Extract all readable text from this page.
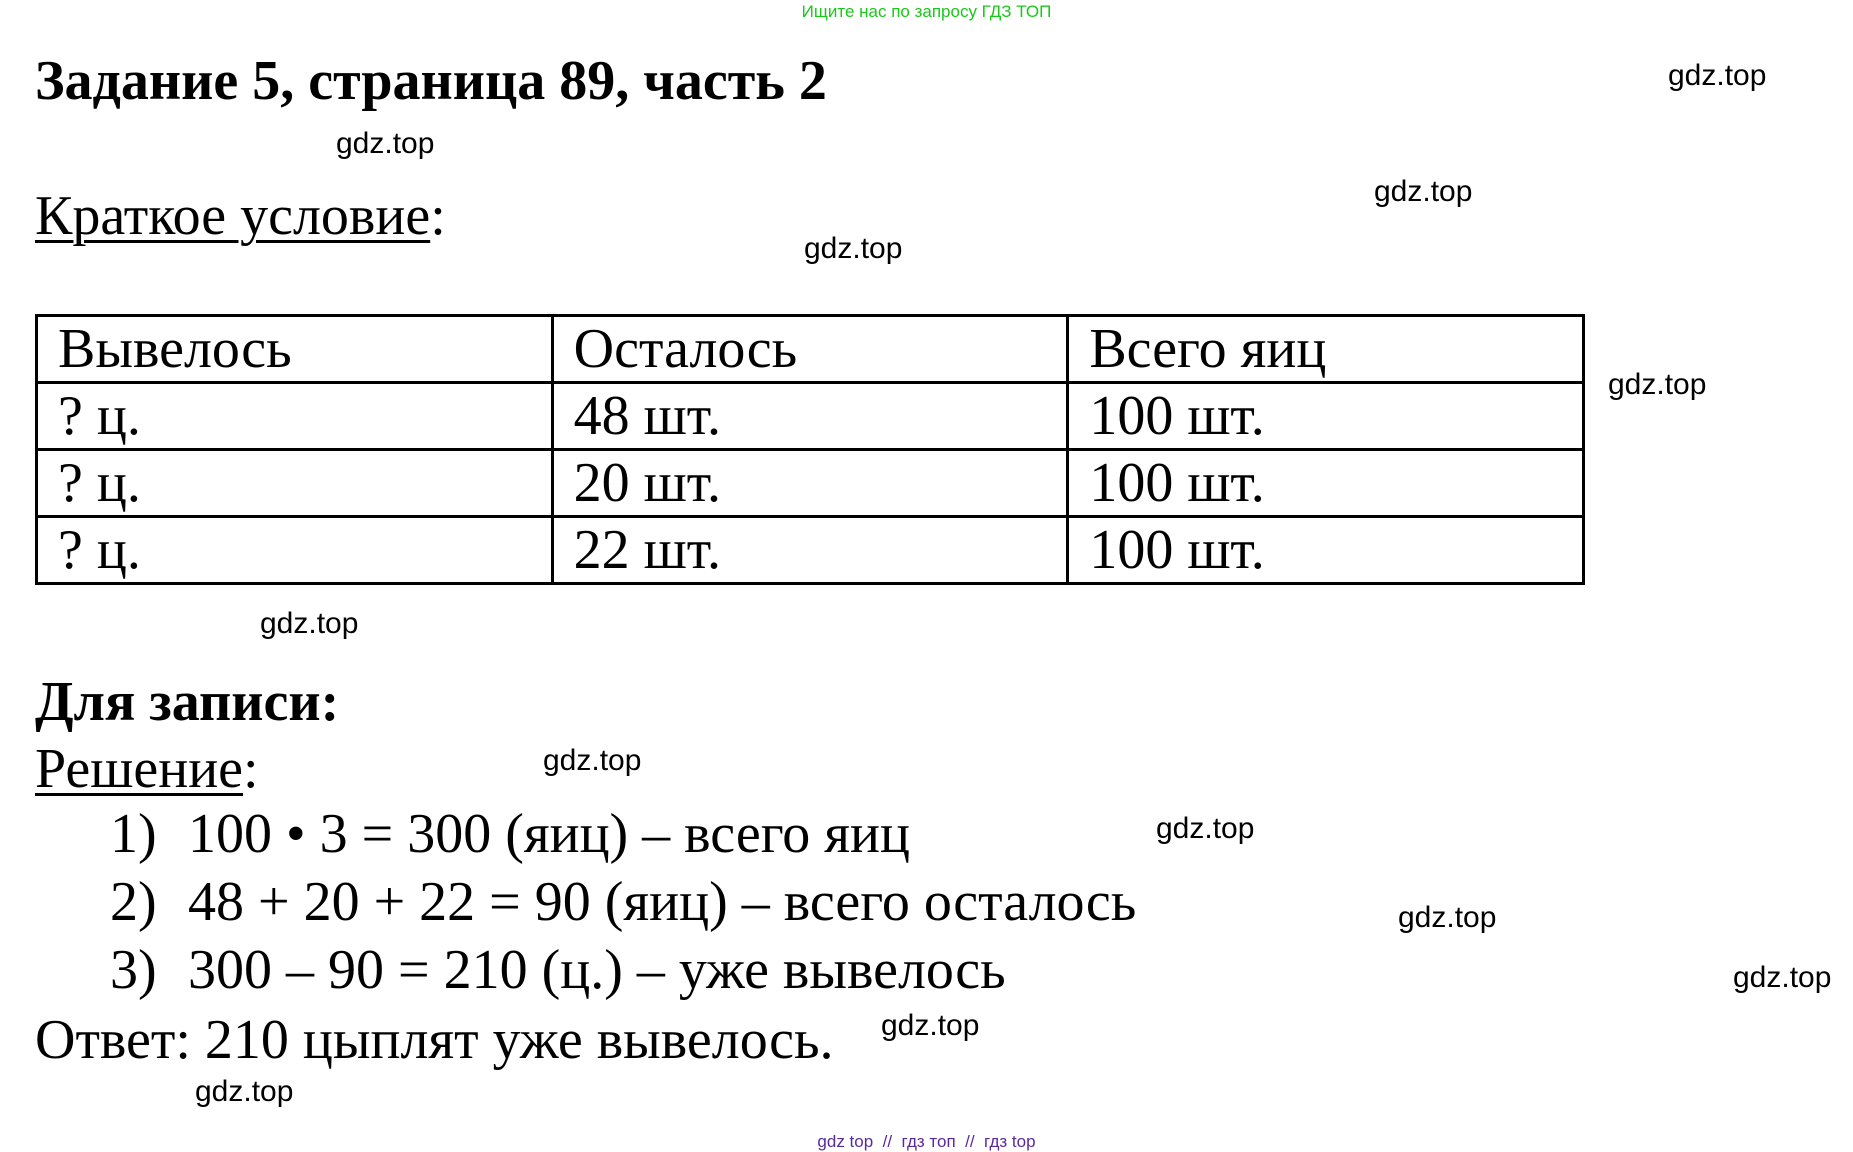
Ищите нас по запросу ГДЗ ТОП
Задание 5, страница 89, часть 2
Краткое условие:
Вывелось	Осталось	Всего яиц
? ц.	48 шт.	100 шт.
? ц.	20 шт.	100 шт.
? ц.	22 шт.	100 шт.
Для записи:
Решение:
1) 100 • 3 = 300 (яиц) – всего яиц
2) 48 + 20 + 22 = 90 (яиц) – всего осталось
3) 300 – 90 = 210 (ц.) – уже вывелось
Ответ: 210 цыплят уже вывелось.
gdz.top
gdz.top
gdz.top
gdz.top
gdz.top
gdz.top
gdz.top
gdz.top
gdz.top
gdz.top
gdz.top
gdz.top
gdz top // гдз топ // гдз top
